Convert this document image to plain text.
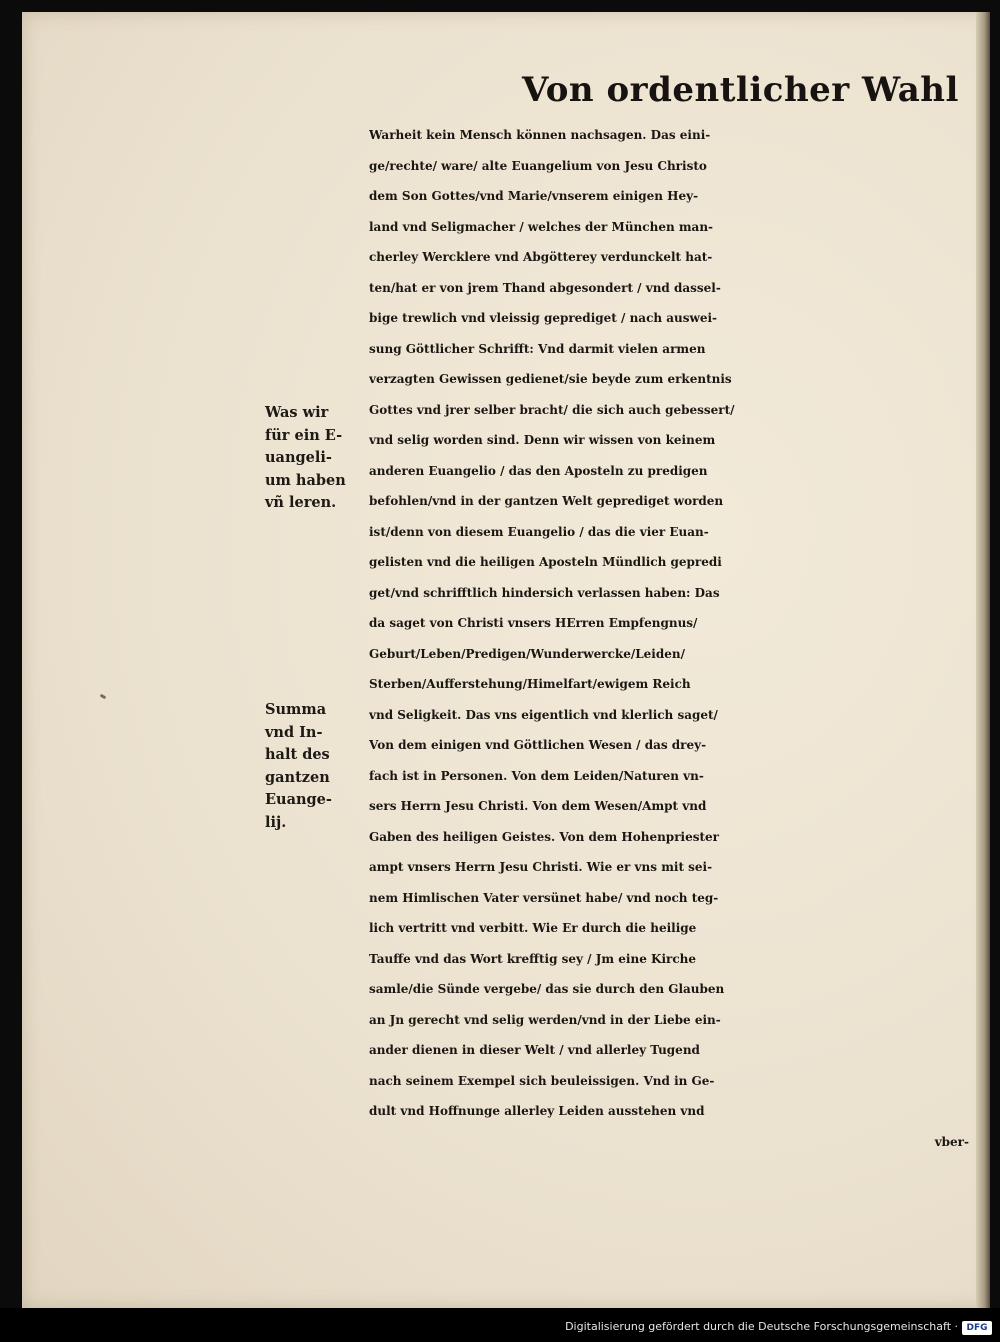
Von ordentlicher Wahl
Warheit kein Mensch können nachsagen. Das eini-
ge/rechte/ ware/ alte Euangelium von Jesu Christo
dem Son Gottes/vnd Marie/vnserem einigen Hey-
land vnd Seligmacher / welches der München man-
cherley Wercklere vnd Abgötterey verdunckelt hat-
ten/hat er von jrem Thand abgesondert / vnd dassel-
bige trewlich vnd vleissig geprediget / nach auswei-
sung Göttlicher Schrifft: Vnd darmit vielen armen
verzagten Gewissen gedienet/sie beyde zum erkentnis
Gottes vnd jrer selber bracht/ die sich auch gebessert/
vnd selig worden sind. Denn wir wissen von keinem
anderen Euangelio / das den Aposteln zu predigen
befohlen/vnd in der gantzen Welt geprediget worden
ist/denn von diesem Euangelio / das die vier Euan-
gelisten vnd die heiligen Aposteln Mündlich gepredi
get/vnd schrifftlich hindersich verlassen haben: Das
da saget von Christi vnsers HErren Empfengnus/
Geburt/Leben/Predigen/Wunderwercke/Leiden/
Sterben/Aufferstehung/Himelfart/ewigem Reich
vnd Seligkeit. Das vns eigentlich vnd klerlich saget/
Von dem einigen vnd Göttlichen Wesen / das drey-
fach ist in Personen. Von dem Leiden/Naturen vn-
sers Herrn Jesu Christi. Von dem Wesen/Ampt vnd
Gaben des heiligen Geistes. Von dem Hohenpriester
ampt vnsers Herrn Jesu Christi. Wie er vns mit sei-
nem Himlischen Vater versünet habe/ vnd noch teg-
lich vertritt vnd verbitt. Wie Er durch die heilige
Tauffe vnd das Wort krefftig sey / Jm eine Kirche
samle/die Sünde vergebe/ das sie durch den Glauben
an Jn gerecht vnd selig werden/vnd in der Liebe ein-
ander dienen in dieser Welt / vnd allerley Tugend
nach seinem Exempel sich beuleissigen. Vnd in Ge-
dult vnd Hoffnunge allerley Leiden ausstehen vnd
vber-
Was wir
für ein E-
uangeli-
um haben
vñ leren.
Summa
vnd In-
halt des
gantzen
Euange-
lij.
Digitalisierung gefördert durch die Deutsche Forschungsgemeinschaft · DFG
